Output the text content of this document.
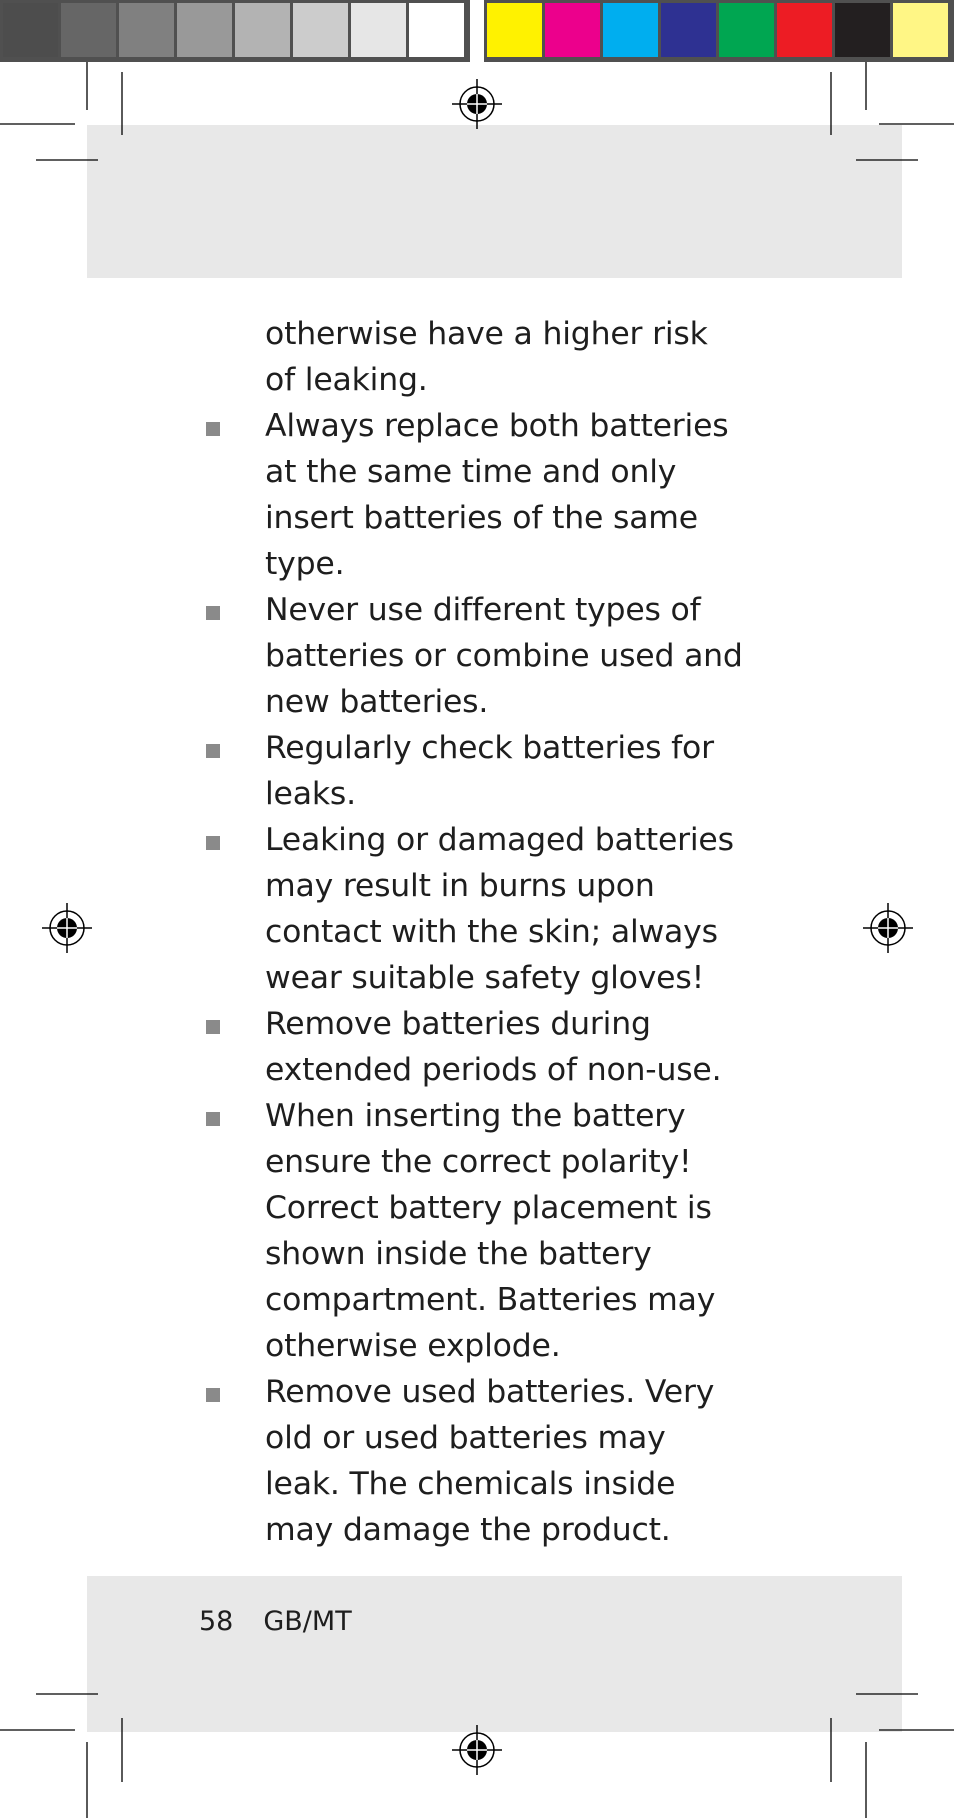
otherwise have a higher risk of leaking.

Always replace both batteries at the same time and only insert batteries of the same type.
Never use different types of batteries or combine used and new batteries.
Regularly check batteries for leaks.
Leaking or damaged batteries may result in burns upon contact with the skin; always wear suitable safety gloves!
Remove batteries during extended periods of non-use.
When inserting the battery ensure the correct polarity! Correct battery placement is shown inside the battery compartment. Batteries may otherwise explode.
Remove used batteries. Very old or used batteries may leak. The chemicals inside may damage the product.
58 GB/MT
